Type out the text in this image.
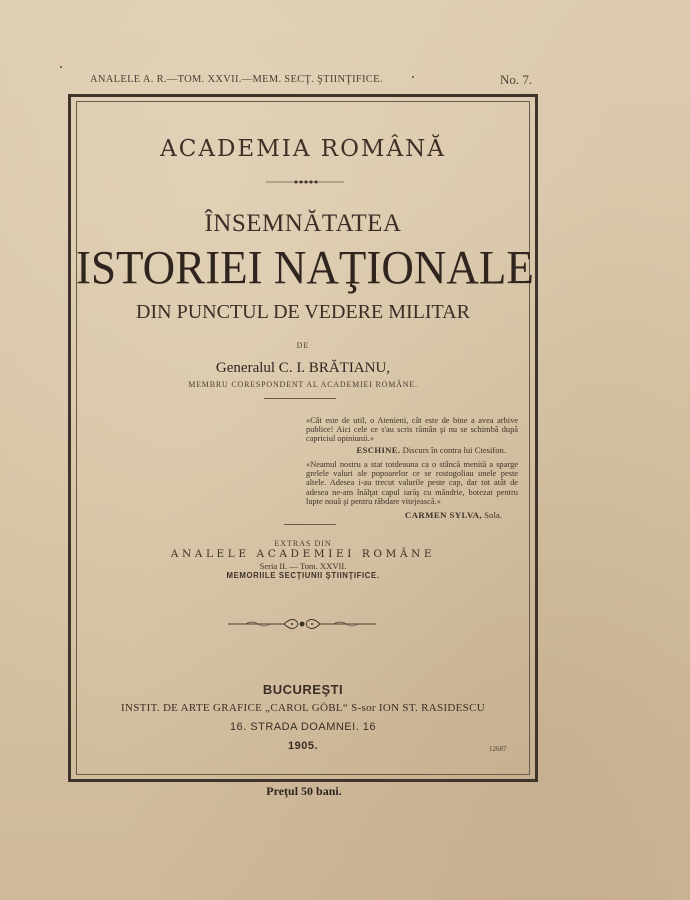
ANALELE A. R.—TOM. XXVII.—MEM. SECŢ. ŞTIINŢIFICE.	No. 7.
ACADEMIA ROMÂNĂ
ÎNSEMNĂTATEA
ISTORIEI NAŢIONALE
DIN PUNCTUL DE VEDERE MILITAR
DE
Generalul C. I. BRĂTIANU,
MEMBRU CORESPONDENT AL ACADEMIEI ROMÂNE.
«Cât este de util, o Atenieni, cât este de bine a avea arhive publice! Aici cele ce s'au scris rămân şi nu se schimbă după capriciul opiniunii.»
ESCHINE. Discurs în contra lui Ctesifon.
«Neamul nostru a stat totdeauna ca o stâncă menită a sparge grelele valuri ale popoarelor ce se rostogoliau unele peste altele. Adesea i-au trecut valurile peste cap, dar tot atât de adesea ne-am înălţat capul iarăş cu mândrie, botezat pentru lupte nouă şi pentru răbdare vitejească.»
CARMEN SYLVA, Sola.
EXTRAS DIN
ANALELE ACADEMIEI ROMÂNE
Seria II. — Tom. XXVII.
MEMORIILE SECŢIUNII ŞTIINŢIFICE.
BUCUREŞTI
INSTIT. DE ARTE GRAFICE „CAROL GÖBL“ S-sor ION ST. RASIDESCU
16. STRADA DOAMNEI. 16
1905.	12687
Preţul 50 bani.
